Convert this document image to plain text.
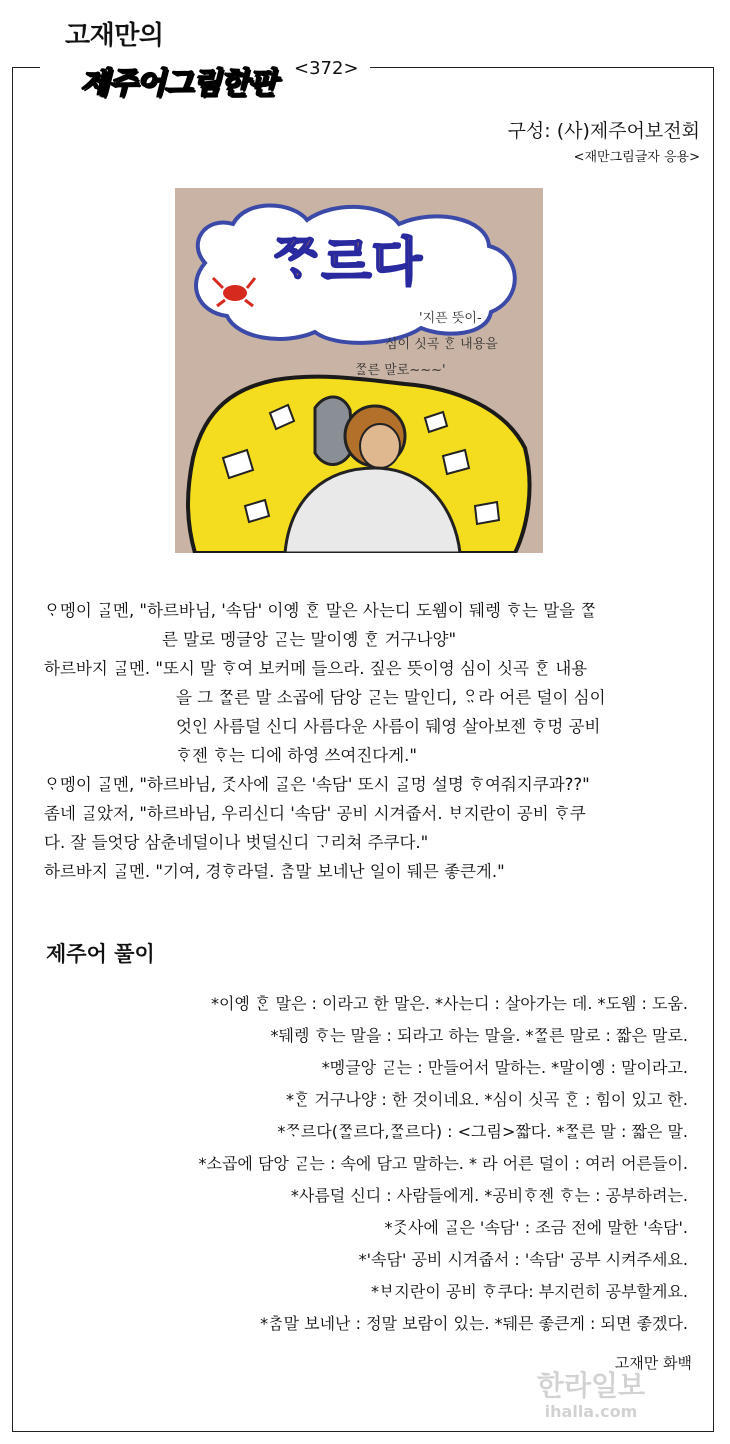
고재만의
제주어그림한판	<372>
구성: (사)제주어보전회
<재만그림글자 응용>
ᄍᆞ르다
'지픈 뜻이-
심이 싯곡 ᄒᆞᆫ 내용을
ᄍᆞᆯ른 말로~~~'
ᄋᆞ멩이 ᄀᆞᆯ멘, "하르바님, '속담' 이옝 ᄒᆞᆫ 말은 사는디 도웸이 뒈렝 ᄒᆞ는 말을 ᄍᆞᆯ
른 말로 멩글앙 ᄀᆞᆮ는 말이옝 ᄒᆞᆫ 거구나양"
하르바지 ᄀᆞᆯ멘. "또시 말 ᄒᆞ여 보커메 들으라. 짚은 뜻이영 심이 싯곡 ᄒᆞᆫ 내용
을 그 ᄍᆞᆯ른 말 소곱에 담앙 ᄀᆞᆮ는 말인디, ᄋᆢ라 어른 덜이 심이
엇인 사름덜 신디 사름다운 사름이 뒈영 살아보젠 ᄒᆞ멍 공비
ᄒᆞ젠 ᄒᆞ는 디에 하영 쓰여진다게."
ᄋᆞ멩이 ᄀᆞᆯ멘, "하르바님, ᄌᆞᆺ사에 ᄀᆞᆯ은 '속담' 또시 ᄀᆞᆯ멍 설명 ᄒᆞ여줘지쿠과??"
좀네 ᄀᆞᆯ았저, "하르바님, 우리신디 '속담' 공비 시겨줍서. ᄇᆞ지란이 공비 ᄒᆞ쿠
다. 잘 들엇당 삼춘네덜이나 벗덜신디 ᄀᆞ리쳐 주쿠다."
하르바지 ᄀᆞᆯ멘. "기여, 경ᄒᆞ라덜. ᄎᆞᆷ말 보네난 일이 뒈믄 좋큰게."
제주어 풀이
*이옝 ᄒᆞᆫ 말은 : 이라고 한 말은. *사는디 : 살아가는 데. *도웸 : 도움.
*뒈렝 ᄒᆞ는 말을 : 되라고 하는 말을. *ᄍᆞᆯ른 말로 : 짧은 말로.
*멩글앙 ᄀᆞᆮ는 : 만들어서 말하는. *말이옝 : 말이라고.
*ᄒᆞᆫ 거구나양 : 한 것이네요. *심이 싯곡 ᄒᆞᆫ : 힘이 있고 한.
*ᄍᆞ르다(ᄍᆞᆯ르다,ᄍᆞᆯ르다) : <그림>짧다. *ᄍᆞᆯ른 말 : 짧은 말.
*소곱에 담앙 ᄀᆞᆮ는 : 속에 담고 말하는. * 라 어른 덜이 : 여러 어른들이.
*사름덜 신디 : 사람들에게. *공비ᄒᆞ젠 ᄒᆞ는 : 공부하려는.
*ᄌᆞᆺ사에 ᄀᆞᆯ은 '속담' : 조금 전에 말한 '속담'.
*'속담' 공비 시겨줍서 : '속담' 공부 시켜주세요.
*ᄇᆞ지란이 공비 ᄒᆞ쿠다: 부지런히 공부할게요.
*ᄎᆞᆷ말 보네난 : 정말 보람이 있는. *뒈믄 좋큰게 : 되면 좋겠다.
고재만 화백
한라일보
ihalla.com
